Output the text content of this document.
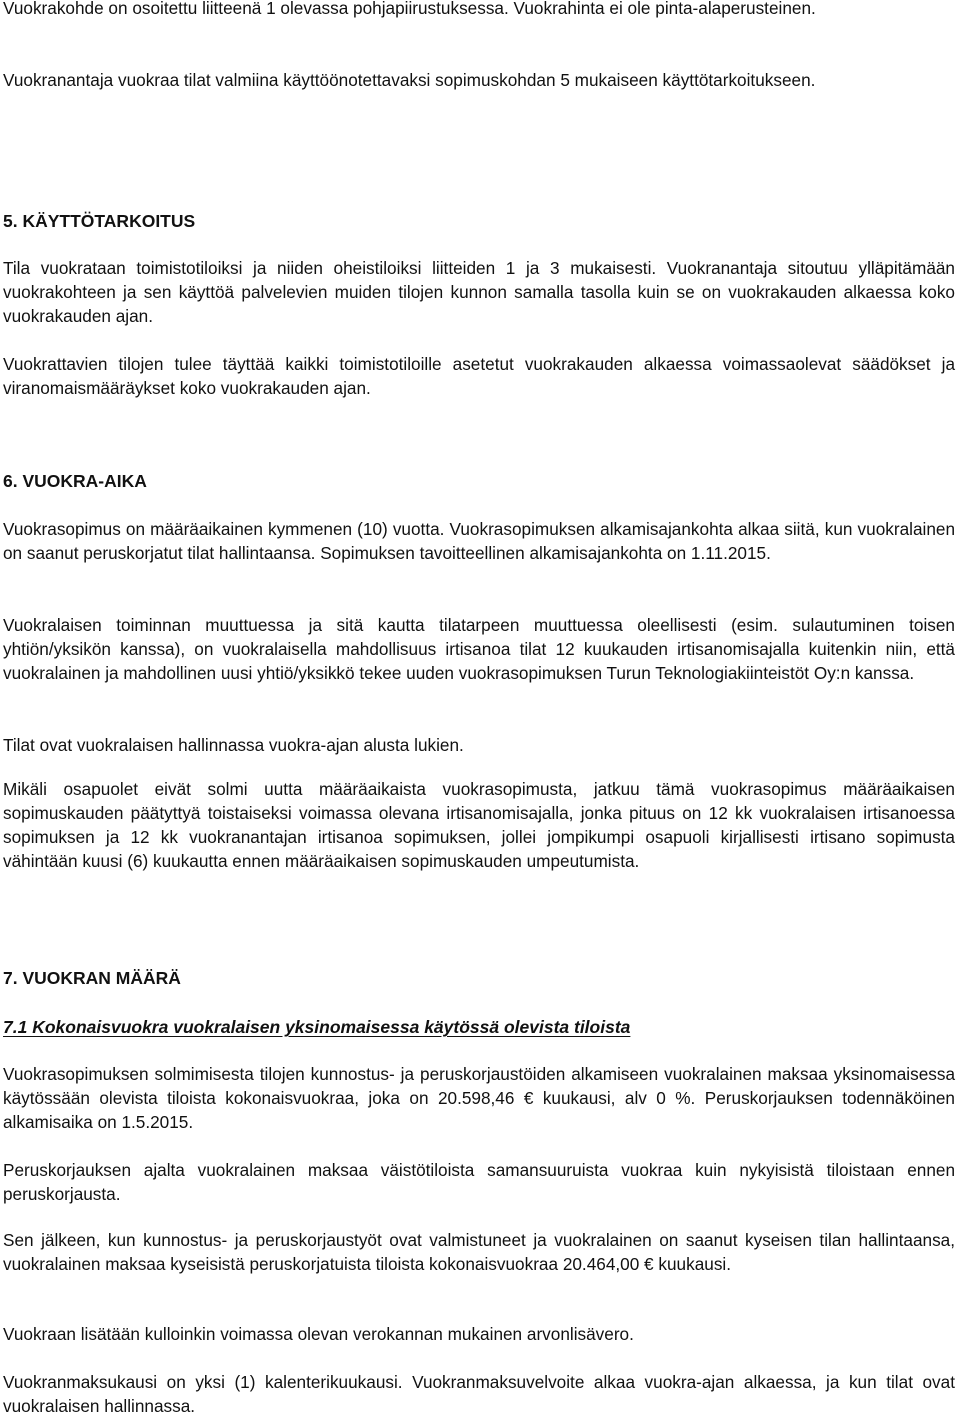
Vuokrakohde on osoitettu liitteenä 1 olevassa pohjapiirustuksessa. Vuokrahinta ei ole pinta-alaperusteinen.

Vuokranantaja vuokraa tilat valmiina käyttöönotettavaksi sopimuskohdan 5 mukaiseen käyttötarkoitukseen.

5. KÄYTTÖTARKOITUS

Tila vuokrataan toimistotiloiksi ja niiden oheistiloiksi liitteiden 1 ja 3 mukaisesti. Vuokranantaja sitoutuu ylläpitämään vuokrakohteen ja sen käyttöä palvelevien muiden tilojen kunnon samalla tasolla kuin se on vuokrakauden alkaessa koko vuokrakauden ajan.

Vuokrattavien tilojen tulee täyttää kaikki toimistotiloille asetetut vuokrakauden alkaessa voimassaolevat säädökset ja viranomaismääräykset koko vuokrakauden ajan.

6. VUOKRA-AIKA

Vuokrasopimus on määräaikainen kymmenen (10) vuotta. Vuokrasopimuksen alkamisajankohta alkaa siitä, kun vuokralainen on saanut peruskorjatut tilat hallintaansa. Sopimuksen tavoitteellinen alkamisajankohta on 1.11.2015.

Vuokralaisen toiminnan muuttuessa ja sitä kautta tilatarpeen muuttuessa oleellisesti (esim. sulautuminen toisen yhtiön/yksikön kanssa), on vuokralaisella mahdollisuus irtisanoa tilat 12 kuukauden irtisanomisajalla kuitenkin niin, että vuokralainen ja mahdollinen uusi yhtiö/yksikkö tekee uuden vuokrasopimuksen Turun Teknologiakiinteistöt Oy:n kanssa.

Tilat ovat vuokralaisen hallinnassa vuokra-ajan alusta lukien.

Mikäli osapuolet eivät solmi uutta määräaikaista vuokrasopimusta, jatkuu tämä vuokrasopimus määräaikaisen sopimuskauden päätyttyä toistaiseksi voimassa olevana irtisanomisajalla, jonka pituus on 12 kk vuokralaisen irtisanoessa sopimuksen ja 12 kk vuokranantajan irtisanoa sopimuksen, jollei jompikumpi osapuoli kirjallisesti irtisano sopimusta vähintään kuusi (6) kuukautta ennen määräaikaisen sopimuskauden umpeutumista.

7. VUOKRAN MÄÄRÄ
7.1 Kokonaisvuokra vuokralaisen yksinomaisessa käytössä olevista tiloista

Vuokrasopimuksen solmimisesta tilojen kunnostus- ja peruskorjaustöiden alkamiseen vuokralainen maksaa yksinomaisessa käytössään olevista tiloista kokonaisvuokraa, joka on 20.598,46 € kuukausi, alv 0 %. Peruskorjauksen todennäköinen alkamisaika on 1.5.2015.

Peruskorjauksen ajalta vuokralainen maksaa väistötiloista samansuuruista vuokraa kuin nykyisistä tiloistaan ennen peruskorjausta.

Sen jälkeen, kun kunnostus- ja peruskorjaustyöt ovat valmistuneet ja vuokralainen on saanut kyseisen tilan hallintaansa, vuokralainen maksaa kyseisistä peruskorjatuista tiloista kokonaisvuokraa 20.464,00 € kuukausi.

Vuokraan lisätään kulloinkin voimassa olevan verokannan mukainen arvonlisävero.

Vuokranmaksukausi on yksi (1) kalenterikuukausi. Vuokranmaksuvelvoite alkaa vuokra-ajan alkaessa, ja kun tilat ovat vuokralaisen hallinnassa.
